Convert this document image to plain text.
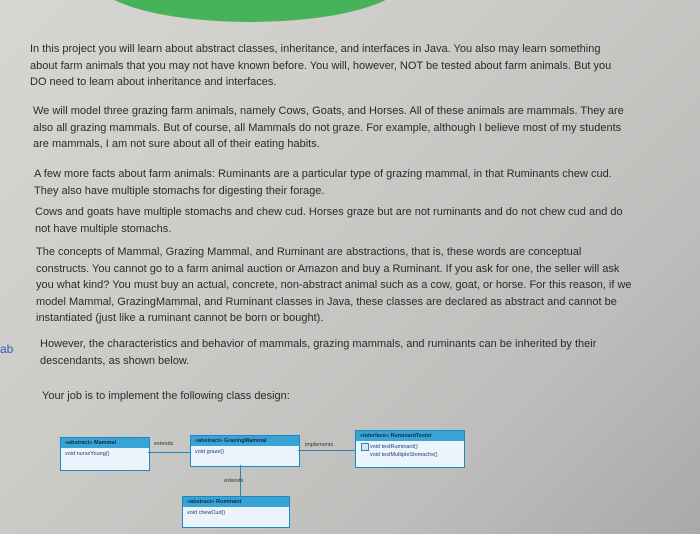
ab

In this project you will learn about abstract classes, inheritance, and interfaces in Java. You also may learn something about farm animals that you may not have known before. You will, however, NOT be tested about farm animals. But you DO need to learn about inheritance and interfaces.

We will model three grazing farm animals, namely Cows, Goats, and Horses. All of these animals are mammals. They are also all grazing mammals. But of course, all Mammals do not graze. For example, although I believe most of my students are mammals, I am not sure about all of their eating habits.

A few more facts about farm animals: Ruminants are a particular type of grazing mammal, in that Ruminants chew cud. They also have multiple stomachs for digesting their forage.

Cows and goats have multiple stomachs and chew cud. Horses graze but are not ruminants and do not chew cud and do not have multiple stomachs.

The concepts of Mammal, Grazing Mammal, and Ruminant are abstractions, that is, these words are conceptual constructs. You cannot go to a farm animal auction or Amazon and buy a Ruminant. If you ask for one, the seller will ask you what kind? You must buy an actual, concrete, non-abstract animal such as a cow, goat, or horse. For this reason, if we model Mammal, GrazingMammal, and Ruminant classes in Java, these classes are declared as abstract and cannot be instantiated (just like a ruminant cannot be born or bought).

However, the characteristics and behavior of mammals, grazing mammals, and ruminants can be inherited by their descendants, as shown below.

Your job is to implement the following class design:

«abstract» Mammal
void nurseYoung()
extends	«abstract» GrazingMammal
void graze()
implements
«interface» RuminantTester
void testRuminant()
void testMultipleStomachs()
extends
«abstract» Ruminant
void chewCud()
